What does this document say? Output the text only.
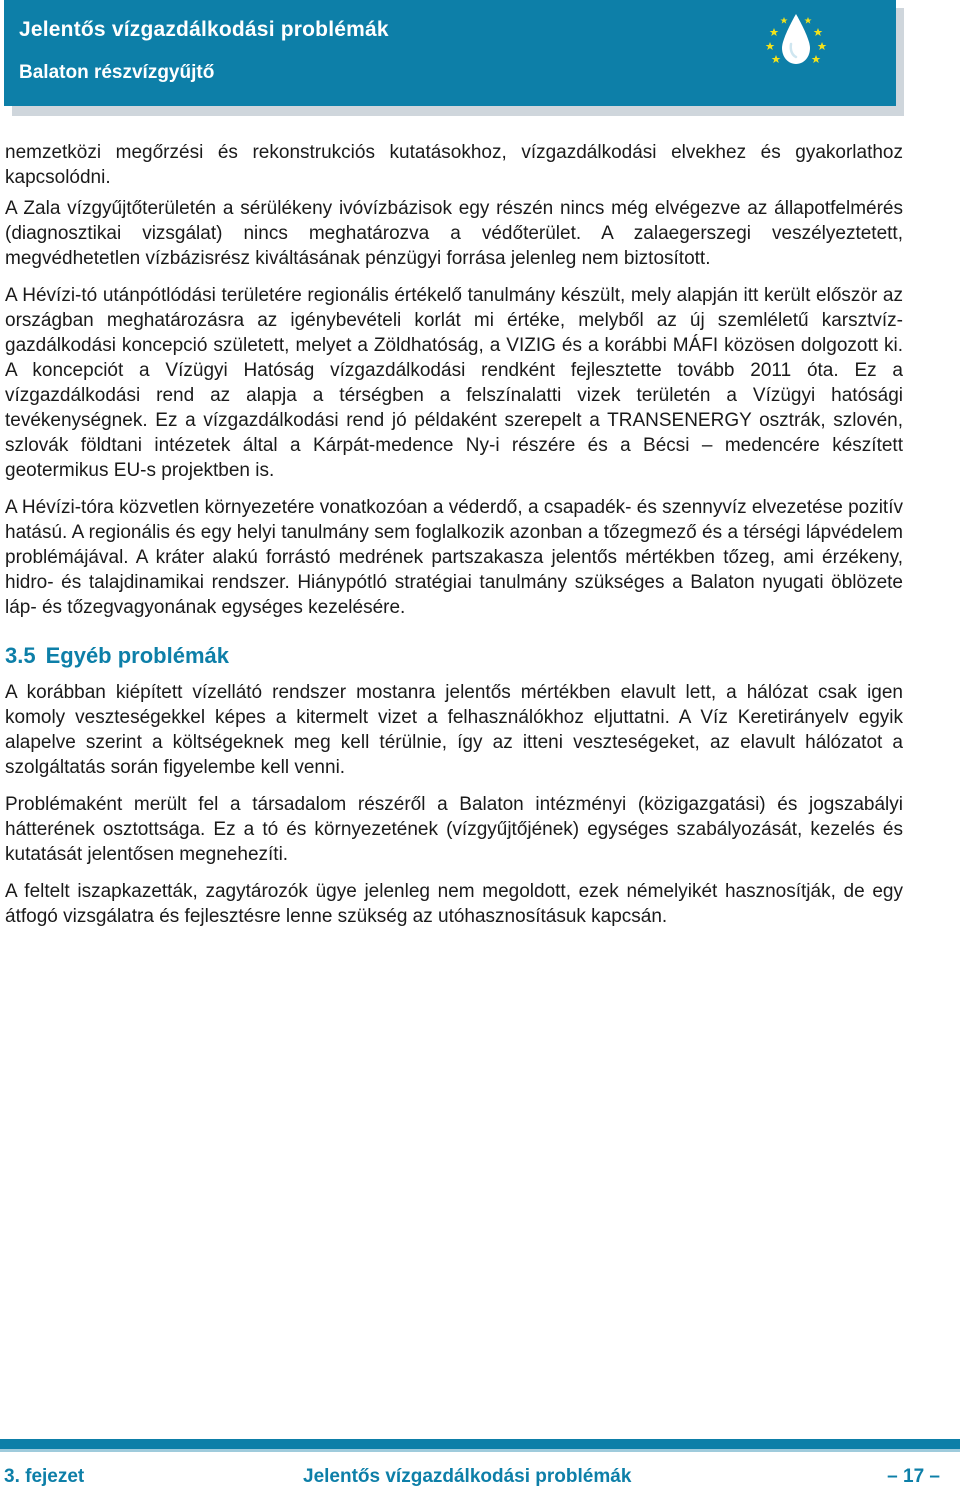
Jelentős vízgazdálkodási problémák
Balaton részvízgyűjtő

nemzetközi megőrzési és rekonstrukciós kutatásokhoz, vízgazdálkodási elvekhez és gyakorlathoz kapcsolódni.

A Zala vízgyűjtőterületén a sérülékeny ivóvízbázisok egy részén nincs még elvégezve az állapotfelmérés (diagnosztikai vizsgálat) nincs meghatározva a védőterület. A zalaegerszegi veszélyeztetett, megvédhetetlen vízbázisrész kiváltásának pénzügyi forrása jelenleg nem biztosított.

A Hévízi-tó utánpótlódási területére regionális értékelő tanulmány készült, mely alapján itt került először az országban meghatározásra az igénybevételi korlát mi értéke, melyből az új szemléletű karsztvíz-gazdálkodási koncepció született, melyet a Zöldhatóság, a VIZIG és a korábbi MÁFI közösen dolgozott ki. A koncepciót a Vízügyi Hatóság vízgazdálkodási rendként fejlesztette tovább 2011 óta. Ez a vízgazdálkodási rend az alapja a térségben a felszínalatti vizek területén a Vízügyi hatósági tevékenységnek. Ez a vízgazdálkodási rend jó példaként szerepelt a TRANSENERGY osztrák, szlovén, szlovák földtani intézetek által a Kárpát-medence Ny-i részére és a Bécsi – medencére készített geotermikus EU-s projektben is.

A Hévízi-tóra közvetlen környezetére vonatkozóan a véderdő, a csapadék- és szennyvíz elvezetése pozitív hatású. A regionális és egy helyi tanulmány sem foglalkozik azonban a tőzegmező és a térségi lápvédelem problémájával. A kráter alakú forrástó medrének partszakasza jelentős mértékben tőzeg, ami érzékeny, hidro- és talajdinamikai rendszer. Hiánypótló stratégiai tanulmány szükséges a Balaton nyugati öblözete láp- és tőzegvagyonának egységes kezelésére.

3.5 Egyéb problémák

A korábban kiépített vízellátó rendszer mostanra jelentős mértékben elavult lett, a hálózat csak igen komoly veszteségekkel képes a kitermelt vizet a felhasználókhoz eljuttatni. A Víz Keretirányelv egyik alapelve szerint a költségeknek meg kell térülnie, így az itteni veszteségeket, az elavult hálózatot a szolgáltatás során figyelembe kell venni.

Problémaként merült fel a társadalom részéről a Balaton intézményi (közigazgatási) és jogszabályi hátterének osztottsága. Ez a tó és környezetének (vízgyűjtőjének) egységes szabályozását, kezelés és kutatását jelentősen megnehezíti.

A feltelt iszapkazetták, zagytározók ügye jelenleg nem megoldott, ezek némelyikét hasznosítják, de egy átfogó vizsgálatra és fejlesztésre lenne szükség az utóhasznosításuk kapcsán.

3. fejezet	Jelentős vízgazdálkodási problémák	– 17 –
